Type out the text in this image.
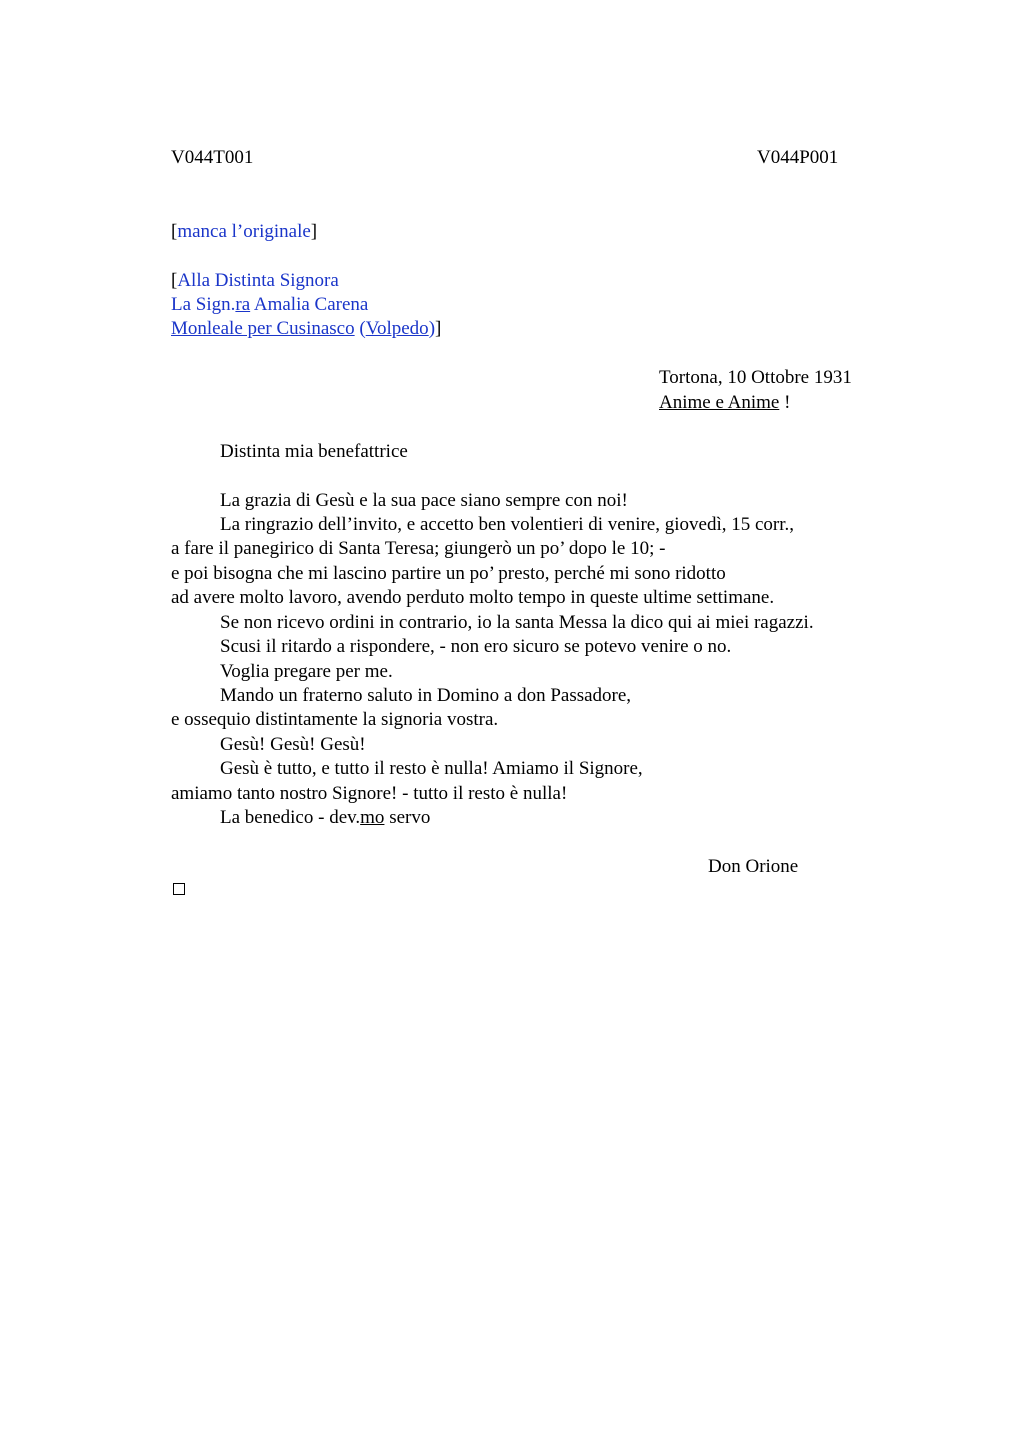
V044T001	V044P001
[manca l’originale]
[Alla Distinta Signora
La Sign.ra Amalia Carena
Monleale per Cusinasco (Volpedo)]
Tortona, 10 Ottobre 1931
Anime e Anime !
Distinta mia benefattrice
La grazia di Gesù e la sua pace siano sempre con noi!
La ringrazio dell’invito, e accetto ben volentieri di venire, giovedì, 15 corr.,
a fare il panegirico di Santa Teresa; giungerò un po’ dopo le 10; -
e poi bisogna che mi lascino partire un po’ presto, perché mi sono ridotto
ad avere molto lavoro, avendo perduto molto tempo in queste ultime settimane.
Se non ricevo ordini in contrario, io la santa Messa la dico qui ai miei ragazzi.
Scusi il ritardo a rispondere, - non ero sicuro se potevo venire o no.
Voglia pregare per me.
Mando un fraterno saluto in Domino a don Passadore,
e ossequio distintamente la signoria vostra.
Gesù! Gesù! Gesù!
Gesù è tutto, e tutto il resto è nulla! Amiamo il Signore,
amiamo tanto nostro Signore! - tutto il resto è nulla!
La benedico - dev.mo servo
Don Orione
